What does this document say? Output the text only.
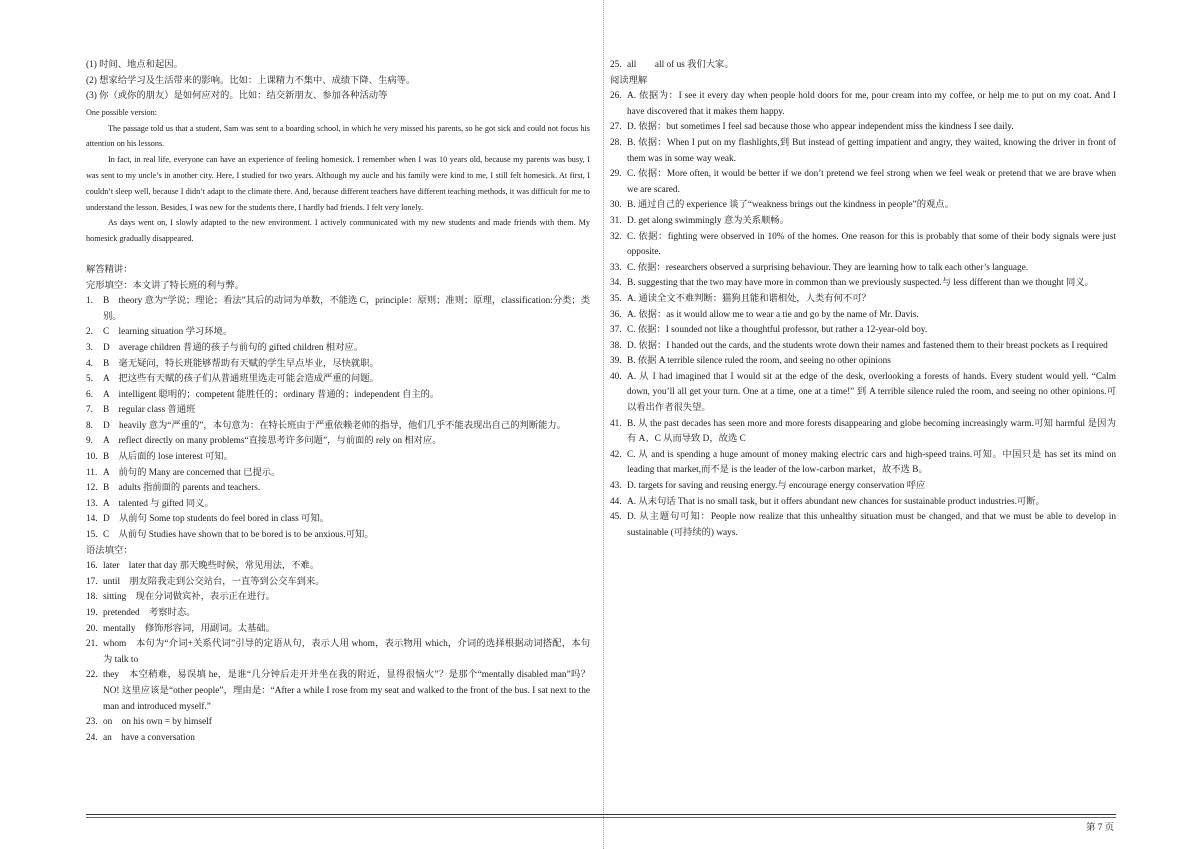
(1) 时间、地点和起因。

(2) 想家给学习及生活带来的影响。比如：上课精力不集中、成绩下降、生病等。

(3) 你（或你的朋友）是如何应对的。比如：结交新朋友、参加各种活动等

One possible version:

The passage told us that a student, Sam was sent to a boarding school, in which he very missed his parents, so he got sick and could not focus his attention on his lessons.

In fact, in real life, everyone can have an experience of feeling homesick. I remember when I was 10 years old, because my parents was busy, I was sent to my uncle’s in another city. Here, I studied for two years. Although my aucle and his family were kind to me, I still felt homesick. At first, I couldn’t sleep well, because I didn’t adapt to the climate there. And, because different teachers have different teaching methods, it was difficult for me to understand the lesson. Besides, I was new for the students there, I hardly had friends. I felt very lonely.

As days went on, I slowly adapted to the new environment. I actively communicated with my new students and made friends with them. My homesick gradually disappeared.

解答精讲：

完形填空：本文讲了特长班的利与弊。

1.	B　theory 意为“学说；理论；看法”其后的动词为单数，不能选 C，principle：原则；准则；原理，classification:分类；类别。
2.	C　learning situation 学习环境。
3.	D　average children 普通的孩子与前句的 gifted children 相对应。
4.	B　毫无疑问，特长班能够帮助有天赋的学生早点毕业，尽快就职。
5.	A　把这些有天赋的孩子们从普通班里选走可能会造成严重的问题。
6.	A　intelligent 聪明的；competent 能胜任的；ordinary 普通的；independent 自主的。
7.	B　regular class 普通班
8.	D　heavily 意为“严重的”，本句意为：在特长班由于严重依赖老师的指导，他们几乎不能表现出自己的判断能力。
9.	A　reflect directly on many problems“直接思考许多问题”，与前面的 rely on 相对应。
10. B　从后面的 lose interest 可知。
11. A　前句的 Many are concerned that 已提示。
12. B　adults 指前面的 parents and teachers.
13. A　talented 与 gifted 同义。
14. D　从前句 Some top students do feel bored in class 可知。
15. C　从前句 Studies have shown that to be bored is to be anxious.可知。

语法填空：

16. later　later that day 那天晚些时候，常见用法，不难。
17. until　朋友陪我走到公交站台，一直等到公交车到来。
18. sitting　现在分词做宾补，表示正在进行。
19. pretended　考察时态。
20. mentally　修饰形容词，用副词。太基础。
21. whom　本句为“介词+关系代词”引导的定语从句，表示人用 whom，表示物用 which，介词的选择根据动词搭配，本句为 talk to
22. they　本空稍难，易误填 he，是谁“几分钟后走开并坐在我的附近，显得很恼火”？是那个“mentally disabled man”吗？NO! 这里应该是“other people”，理由是：“After a while I rose from my seat and walked to the front of the bus. I sat next to the man and introduced myself.”
23. on　on his own = by himself
24. an　have a conversation
25. all　　all of us 我们大家。

阅读理解

26. A. 依据为：I see it every day when people hold doors for me, pour cream into my coffee, or help me to put on my coat. And I have discovered that it makes them happy.
27. D. 依据：but sometimes I feel sad because those who appear independent miss the kindness I see daily.
28. B. 依据：When I put on my flashlights,到 But instead of getting impatient and angry, they waited, knowing the driver in front of them was in some way weak.
29. C. 依据：More often, it would be better if we don’t pretend we feel strong when we feel weak or pretend that we are brave when we are scared.
30. B. 通过自己的 experience 谈了“weakness brings out the kindness in people”的观点。
31. D. get along swimmingly 意为关系顺畅。
32. C. 依据：fighting were observed in 10% of the homes. One reason for this is probably that some of their body signals were just opposite.
33. C. 依据：researchers observed a surprising behaviour. They are learning how to talk each other’s language.
34. B. suggesting that the two may have more in common than we previously suspected.与 less different than we thought 同义。
35. A. 通读全文不难判断：猫狗且能和谐相处，人类有何不可？
36. A. 依据：as it would allow me to wear a tie and go by the name of Mr. Davis.
37. C. 依据：I sounded not like a thoughtful professor, but rather a 12-year-old boy.
38. D. 依据：I handed out the cards, and the students wrote down their names and fastened them to their breast pockets as I required
39. B. 依据 A terrible silence ruled the room, and seeing no other opinions
40. A. 从 I had imagined that I would sit at the edge of the desk, overlooking a forests of hands. Every student would yell. “Calm down, you’ll all get your turn. One at a time, one at a time!” 到 A terrible silence ruled the room, and seeing no other opinions.可以看出作者很失望。
41. B. 从 the past decades has seen more and more forests disappearing and globe becoming increasingly warm.可知 harmful 是因为有 A、C 从而导致 D，故选 C
42. C. 从 and is spending a huge amount of money making electric cars and high-speed trains.可知。中国只是 has set its mind on leading that market,而不是 is the leader of the low-carbon market，故不选 B。
43. D. targets for saving and reusing energy.与 encourage energy conservation 呼应
44. A. 从末句话 That is no small task, but it offers abundant new chances for sustainable product industries.可断。
45. D. 从主题句可知：People now realize that this unhealthy situation must be changed, and that we must be able to develop in sustainable (可持续的) ways.
第 7 页
